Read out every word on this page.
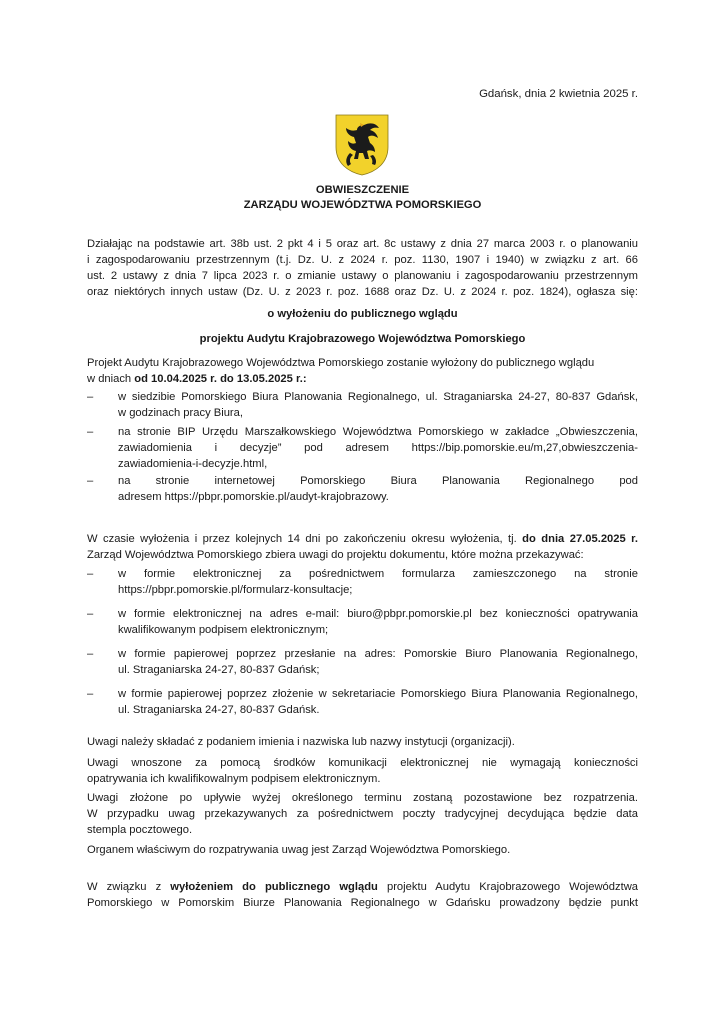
Gdańsk, dnia 2 kwietnia 2025 r.
OBWIESZCZENIE
ZARZĄDU WOJEWÓDZTWA POMORSKIEGO
Działając na podstawie art. 38b ust. 2 pkt 4 i 5 oraz art. 8c ustawy z dnia 27 marca 2003 r. o planowaniu
i zagospodarowaniu przestrzennym (t.j. Dz. U. z 2024 r. poz. 1130, 1907 i 1940) w związku z art. 66
ust. 2 ustawy z dnia 7 lipca 2023 r. o zmianie ustawy o planowaniu i zagospodarowaniu przestrzennym
oraz niektórych innych ustaw (Dz. U. z 2023 r. poz. 1688 oraz Dz. U. z 2024 r. poz. 1824), ogłasza się:
o wyłożeniu do publicznego wglądu
projektu Audytu Krajobrazowego Województwa Pomorskiego
Projekt Audytu Krajobrazowego Województwa Pomorskiego zostanie wyłożony do publicznego wglądu
w dniach od 10.04.2025 r. do 13.05.2025 r.:
– w siedzibie Pomorskiego Biura Planowania Regionalnego, ul. Straganiarska 24-27, 80-837 Gdańsk,
w godzinach pracy Biura,
– na stronie BIP Urzędu Marszałkowskiego Województwa Pomorskiego w zakładce „Obwieszczenia,
zawiadomienia i decyzje” pod adresem https://bip.pomorskie.eu/m,27,obwieszczenia-
zawiadomienia-i-decyzje.html,
– na stronie internetowej Pomorskiego Biura Planowania Regionalnego pod
adresem https://pbpr.pomorskie.pl/audyt-krajobrazowy.
W czasie wyłożenia i przez kolejnych 14 dni po zakończeniu okresu wyłożenia, tj. do dnia 27.05.2025 r.
Zarząd Województwa Pomorskiego zbiera uwagi do projektu dokumentu, które można przekazywać:
– w formie elektronicznej za pośrednictwem formularza zamieszczonego na stronie
https://pbpr.pomorskie.pl/formularz-konsultacje;
– w formie elektronicznej na adres e-mail: biuro@pbpr.pomorskie.pl bez konieczności opatrywania
kwalifikowanym podpisem elektronicznym;
– w formie papierowej poprzez przesłanie na adres: Pomorskie Biuro Planowania Regionalnego,
ul. Straganiarska 24-27, 80-837 Gdańsk;
– w formie papierowej poprzez złożenie w sekretariacie Pomorskiego Biura Planowania Regionalnego,
ul. Straganiarska 24-27, 80-837 Gdańsk.
Uwagi należy składać z podaniem imienia i nazwiska lub nazwy instytucji (organizacji).
Uwagi wnoszone za pomocą środków komunikacji elektronicznej nie wymagają konieczności
opatrywania ich kwalifikowalnym podpisem elektronicznym.
Uwagi złożone po upływie wyżej określonego terminu zostaną pozostawione bez rozpatrzenia.
W przypadku uwag przekazywanych za pośrednictwem poczty tradycyjnej decydująca będzie data
stempla pocztowego.
Organem właściwym do rozpatrywania uwag jest Zarząd Województwa Pomorskiego.
W związku z wyłożeniem do publicznego wglądu projektu Audytu Krajobrazowego Województwa
Pomorskiego w Pomorskim Biurze Planowania Regionalnego w Gdańsku prowadzony będzie punkt
